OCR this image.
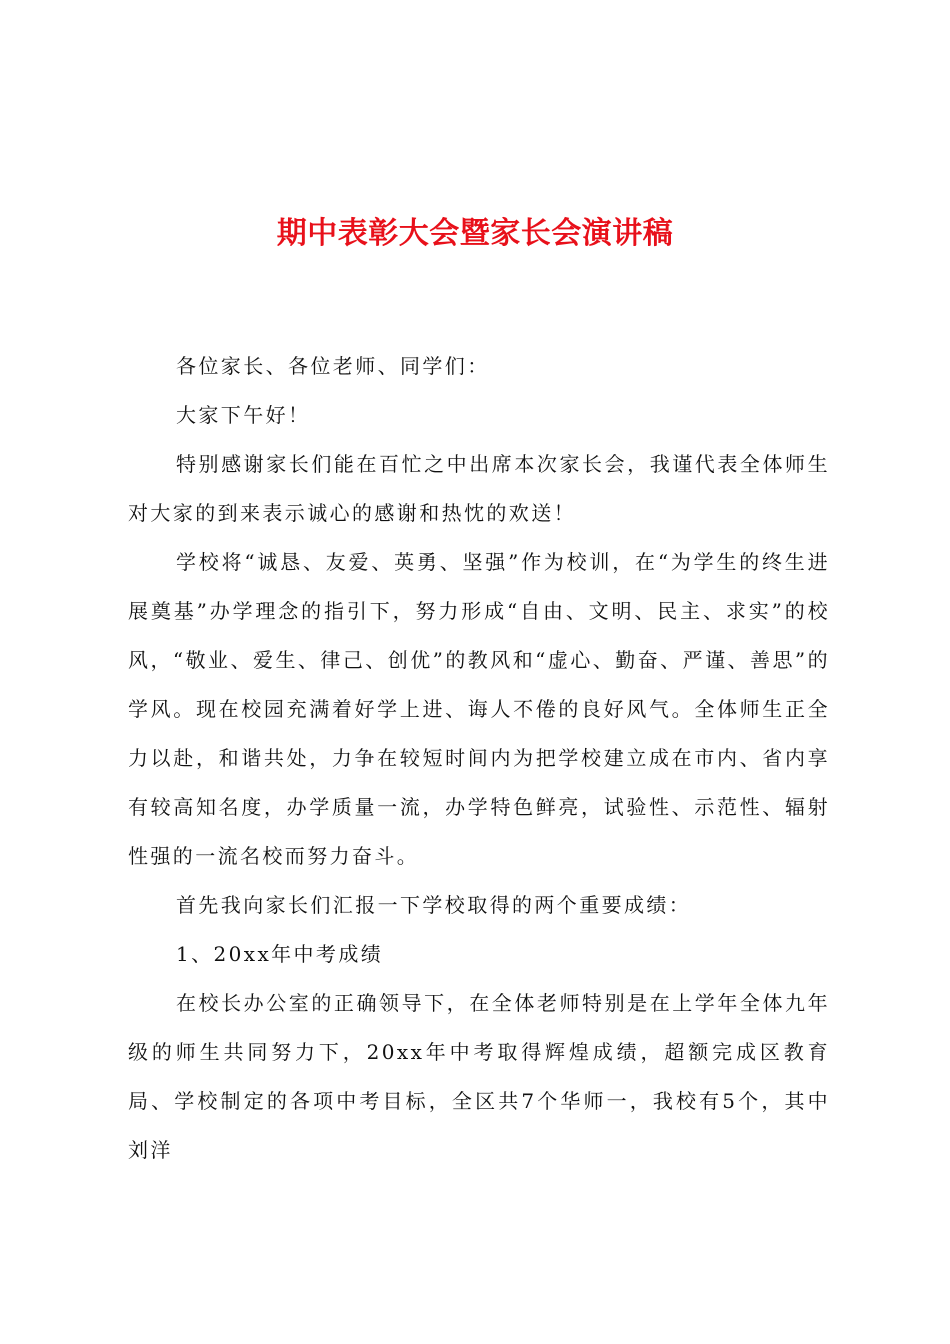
期中表彰大会暨家长会演讲稿

各位家长、各位老师、同学们：

大家下午好！

特别感谢家长们能在百忙之中出席本次家长会，我谨代表全体师生对大家的到来表示诚心的感谢和热忱的欢送！

学校将“诚恳、友爱、英勇、坚强”作为校训，在“为学生的终生进展奠基”办学理念的指引下，努力形成“自由、文明、民主、求实”的校风，“敬业、爱生、律己、创优”的教风和“虚心、勤奋、严谨、善思”的学风。现在校园充满着好学上进、诲人不倦的良好风气。全体师生正全力以赴，和谐共处，力争在较短时间内为把学校建立成在市内、省内享有较高知名度，办学质量一流，办学特色鲜亮，试验性、示范性、辐射性强的一流名校而努力奋斗。

首先我向家长们汇报一下学校取得的两个重要成绩：

1、20xx年中考成绩

在校长办公室的正确领导下，在全体老师特别是在上学年全体九年级的师生共同努力下，20xx年中考取得辉煌成绩，超额完成区教育局、学校制定的各项中考目标，全区共7个华师一，我校有5个，其中刘洋
